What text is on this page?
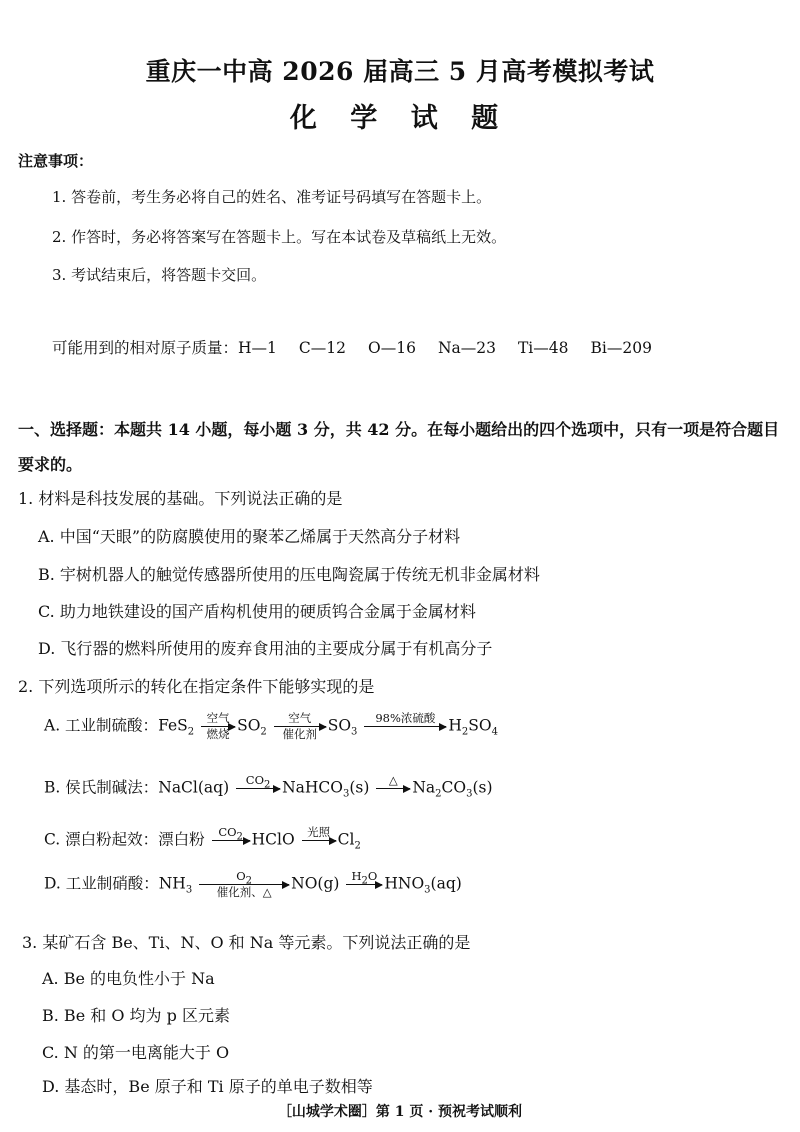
重庆一中高 2026 届高三 5 月高考模拟考试
化 学 试 题
注意事项：
1. 答卷前，考生务必将自己的姓名、准考证号码填写在答题卡上。
2. 作答时，务必将答案写在答题卡上。写在本试卷及草稿纸上无效。
3. 考试结束后，将答题卡交回。
可能用到的相对原子质量：H—1 C—12 O—16 Na—23 Ti—48 Bi—209
一、选择题：本题共 14 小题，每小题 3 分，共 42 分。在每小题给出的四个选项中，只有一项是符合题目要求的。
1. 材料是科技发展的基础。下列说法正确的是
A. 中国“天眼”的防腐膜使用的聚苯乙烯属于天然高分子材料
B. 宇树机器人的触觉传感器所使用的压电陶瓷属于传统无机非金属材料
C. 助力地铁建设的国产盾构机使用的硬质钨合金属于金属材料
D. 飞行器的燃料所使用的废弃食用油的主要成分属于有机高分子
2. 下列选项所示的转化在指定条件下能够实现的是
A. 工业制硫酸：FeS$_2$
空气
燃烧 $SO_2$
空气
催化剂 $SO_3$
98%浓硫酸 $H_2SO_4$
B. 侯氏制碱法：NaCl(aq) $CO_2$ NaHCO$_3$(s) △ $Na_2CO_3(s)$
C. 漂白粉起效：漂白粉 $CO_2$ HClO 光照 $Cl_2$
D. 工业制硝酸：$NH_3$
$O_2$
催化剂、△ NO(g) $H_2O$ $HNO_3(aq)$
3. 某矿石含 Be、Ti、N、O 和 Na 等元素。下列说法正确的是
A. Be 的电负性小于 Na
B. Be 和 O 均为 p 区元素
C. N 的第一电离能大于 O
D. 基态时，Be 原子和 Ti 原子的单电子数相等
［山城学术圈］第 1 页 · 预祝考试顺利
